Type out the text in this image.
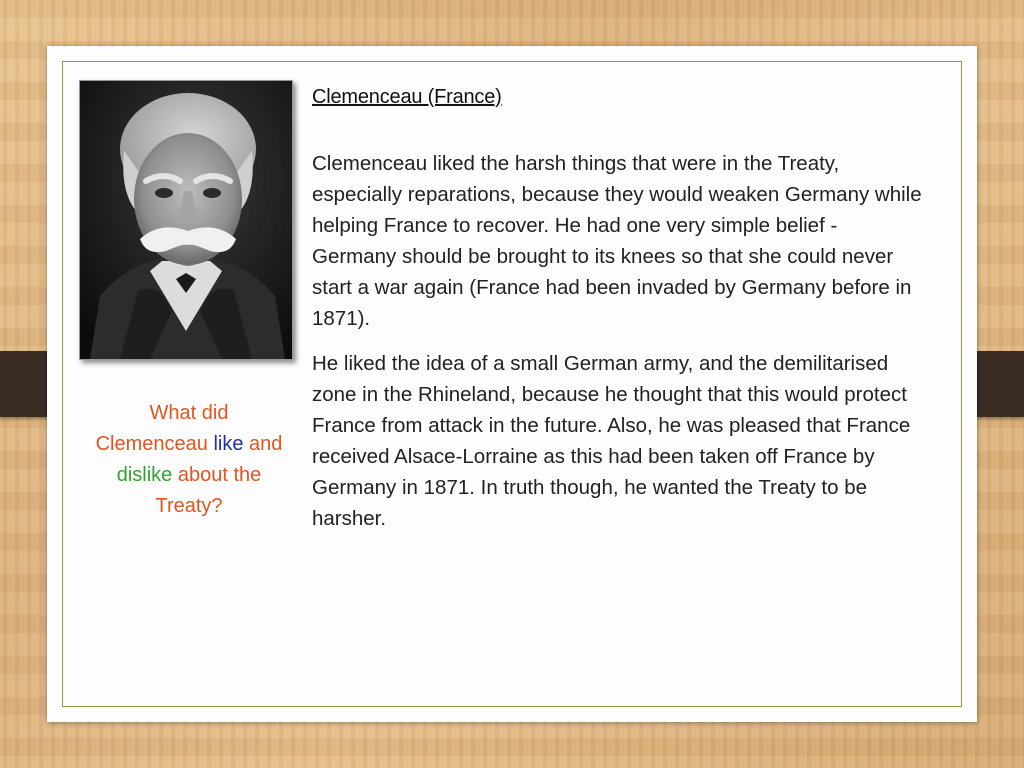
Clemenceau (France)

Clemenceau liked the harsh things that were in the Treaty, especially reparations, because they would weaken Germany while helping France to recover. He had one very simple belief - Germany should be brought to its knees so that she could never start a war again (France had been invaded by Germany before in 1871).

He liked the idea of a small German army, and the demilitarised zone in the Rhineland, because he thought that this would protect France from attack in the future. Also, he was pleased that France received Alsace-Lorraine as this had been taken off France by Germany in 1871. In truth though, he wanted the Treaty to be harsher.

What did Clemenceau like and dislike about the Treaty?
